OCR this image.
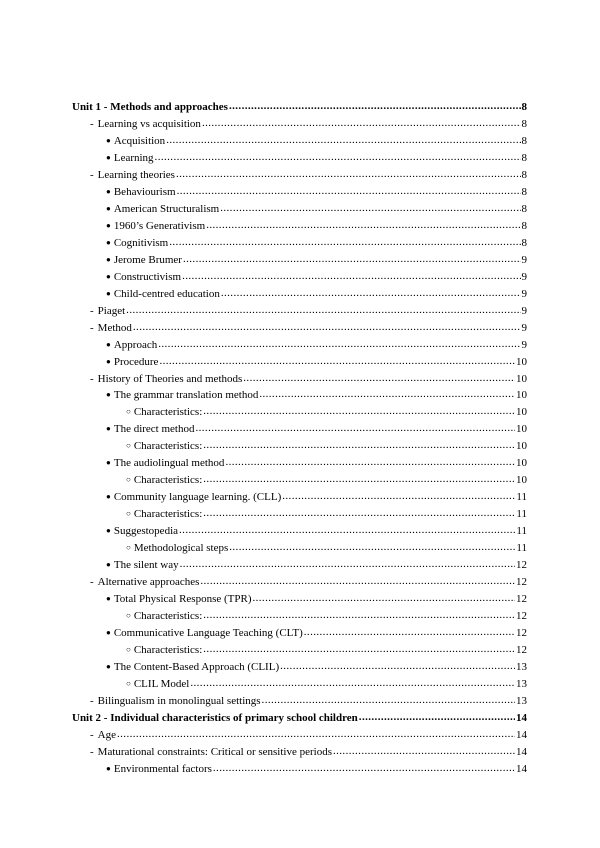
Unit 1 - Methods and approaches .....	8
- Learning vs acquisition .....	8
● Acquisition .....	8
● Learning .....	8
- Learning theories .....	8
● Behaviourism .....	8
● American Structuralism .....	8
● 1960’s Generativism .....	8
● Cognitivism .....	8
● Jerome Brumer .....	9
● Constructivism .....	9
● Child-centred education .....	9
- Piaget .....	9
- Method .....	9
● Approach .....	9
● Procedure .....	10
- History of Theories and methods .....	10
● The grammar translation method .....	10
○ Characteristics: .....	10
● The direct method .....	10
○ Characteristics: .....	10
● The audiolingual method .....	10
○ Characteristics: .....	10
● Community language learning. (CLL) .....	11
○ Characteristics: .....	11
● Suggestopedia .....	11
○ Methodological steps .....	11
● The silent way .....	12
- Alternative approaches .....	12
● Total Physical Response (TPR) .....	12
○ Characteristics: .....	12
● Communicative Language Teaching (CLT) .....	12
○ Characteristics: .....	12
● The Content-Based Approach (CLIL) .....	13
○ CLIL Model .....	13
- Bilingualism in monolingual settings .....	13
Unit 2 - Individual characteristics of primary school children .....	14
- Age .....	14
- Maturational constraints: Critical or sensitive periods .....	14
● Environmental factors .....	14
